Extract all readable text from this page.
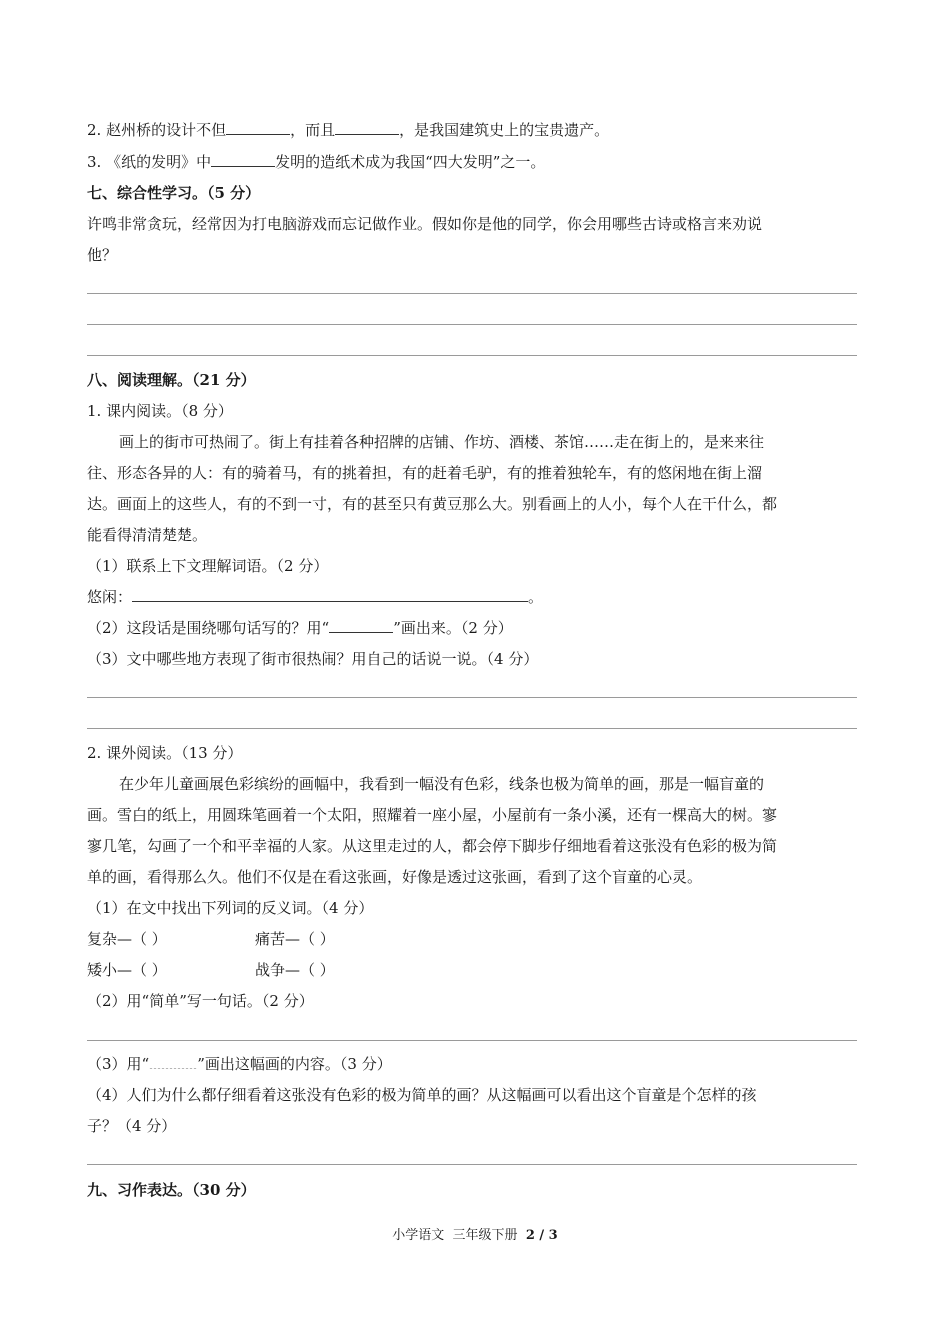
2. 赵州桥的设计不但	，而且	，是我国建筑史上的宝贵遗产。
3. 《纸的发明》中	发明的造纸术成为我国“四大发明”之一。
七、综合性学习。（5 分）
许鸣非常贪玩，经常因为打电脑游戏而忘记做作业。假如你是他的同学，你会用哪些古诗或格言来劝说
他？
八、阅读理解。（21 分）
1. 课内阅读。（8 分）
画上的街市可热闹了。街上有挂着各种招牌的店铺、作坊、酒楼、茶馆……走在街上的，是来来往
往、形态各异的人：有的骑着马，有的挑着担，有的赶着毛驴，有的推着独轮车，有的悠闲地在街上溜
达。画面上的这些人，有的不到一寸，有的甚至只有黄豆那么大。别看画上的人小，每个人在干什么，都
能看得清清楚楚。
（1）联系上下文理解词语。（2 分）
悠闲：	。
（2）这段话是围绕哪句话写的？用“	”画出来。（2 分）
（3）文中哪些地方表现了街市很热闹？用自己的话说一说。（4 分）
2. 课外阅读。（13 分）
在少年儿童画展色彩缤纷的画幅中，我看到一幅没有色彩，线条也极为简单的画，那是一幅盲童的
画。雪白的纸上，用圆珠笔画着一个太阳，照耀着一座小屋，小屋前有一条小溪，还有一棵高大的树。寥
寥几笔，勾画了一个和平幸福的人家。从这里走过的人，都会停下脚步仔细地看着这张没有色彩的极为简
单的画，看得那么久。他们不仅是在看这张画，好像是透过这张画，看到了这个盲童的心灵。
（1）在文中找出下列词的反义词。（4 分）
复杂—（ ）	痛苦—（ ）
矮小—（ ）	战争—（ ）
（2）用“简单”写一句话。（2 分）
（3）用“	”画出这幅画的内容。（3 分）
（4）人们为什么都仔细看着这张没有色彩的极为简单的画？从这幅画可以看出这个盲童是个怎样的孩
子？（4 分）
九、习作表达。（30 分）
小学语文  三年级下册  2 / 3
